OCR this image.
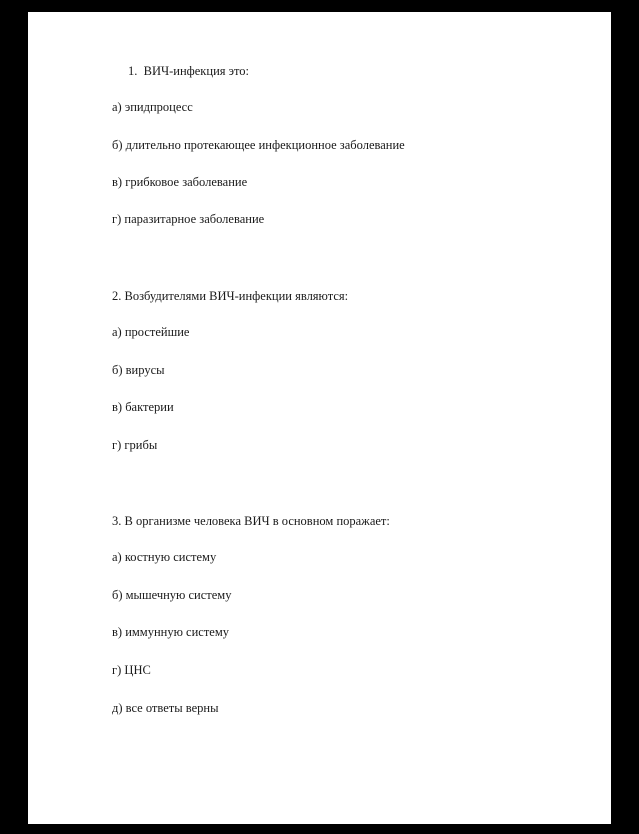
1. ВИЧ-инфекция это:
а) эпидпроцесс
б) длительно протекающее инфекционное заболевание
в) грибковое заболевание
г) паразитарное заболевание
2. Возбудителями ВИЧ-инфекции являются:
а) простейшие
б) вирусы
в) бактерии
г) грибы
3. В организме человека ВИЧ в основном поражает:
а) костную систему
б) мышечную систему
в) иммунную систему
г) ЦНС
д) все ответы верны
